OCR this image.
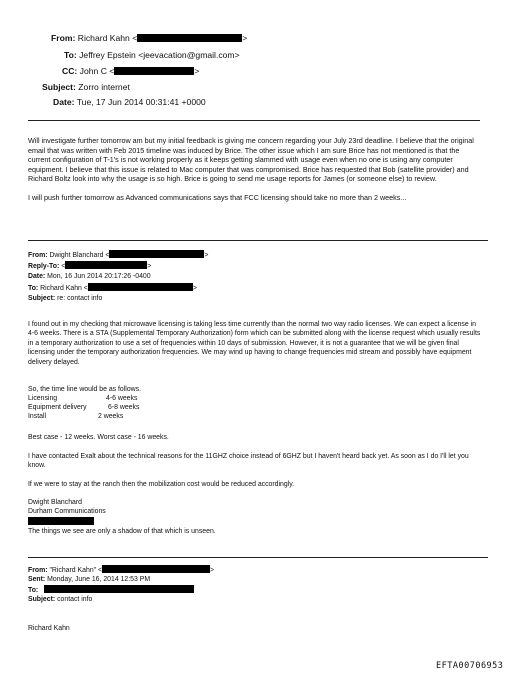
From: Richard Kahn <	>
To: Jeffrey Epstein <jeevacation@gmail.com>
CC: John C <	>
Subject: Zorro internet
Date: Tue, 17 Jun 2014 00:31:41 +0000

Will investigate further tomorrow am but my initial feedback is giving me concern regarding your July 23rd deadline. I believe that the original email that was written with Feb 2015 timeline was induced by Brice. The other issue which I am sure Brice has not mentioned is that the current configuration of T-1's is not working properly as it keeps getting slammed with usage even when no one is using any computer equipment. I believe that this issue is related to Mac computer that was compromised. Brice has requested that Bob (satellite provider) and Richard Boltz look into why the usage is so high. Brice is going to send me usage reports for James (or someone else) to review.

I will push further tomorrow as Advanced communications says that FCC licensing should take no more than 2 weeks...

From: Dwight Blanchard <	>
Reply-To: <	>
Date: Mon, 16 Jun 2014 20:17:26 -0400
To: Richard Kahn <	>
Subject: re: contact info

I found out in my checking that microwave licensing is taking less time currently than the normal two way radio licenses. We can expect a license in 4-6 weeks. There is a STA (Supplemental Temporary Authorization) form which can be submitted along with the license request which usually results in a temporary authorization to use a set of frequencies within 10 days of submission. However, it is not a guarantee that we will be given final licensing under the temporary authorization frequencies. We may wind up having to change frequencies mid stream and possibly have equipment delivery delayed.

So, the time line would be as follows.

Licensing	4-6 weeks
Equipment delivery	6-8 weeks
Install	2 weeks

Best case - 12 weeks. Worst case - 16 weeks.

I have contacted Exalt about the technical reasons for the 11GHZ choice instead of 6GHZ but I haven't heard back yet. As soon as I do I'll let you know.

If we were to stay at the ranch then the mobilization cost would be reduced accordingly.

Dwight Blanchard

Durham Communications

The things we see are only a shadow of that which is unseen.

From: "Richard Kahn" <	>
Sent: Monday, June 16, 2014 12:53 PM
To:
Subject: contact info

Richard Kahn

EFTA00706953
